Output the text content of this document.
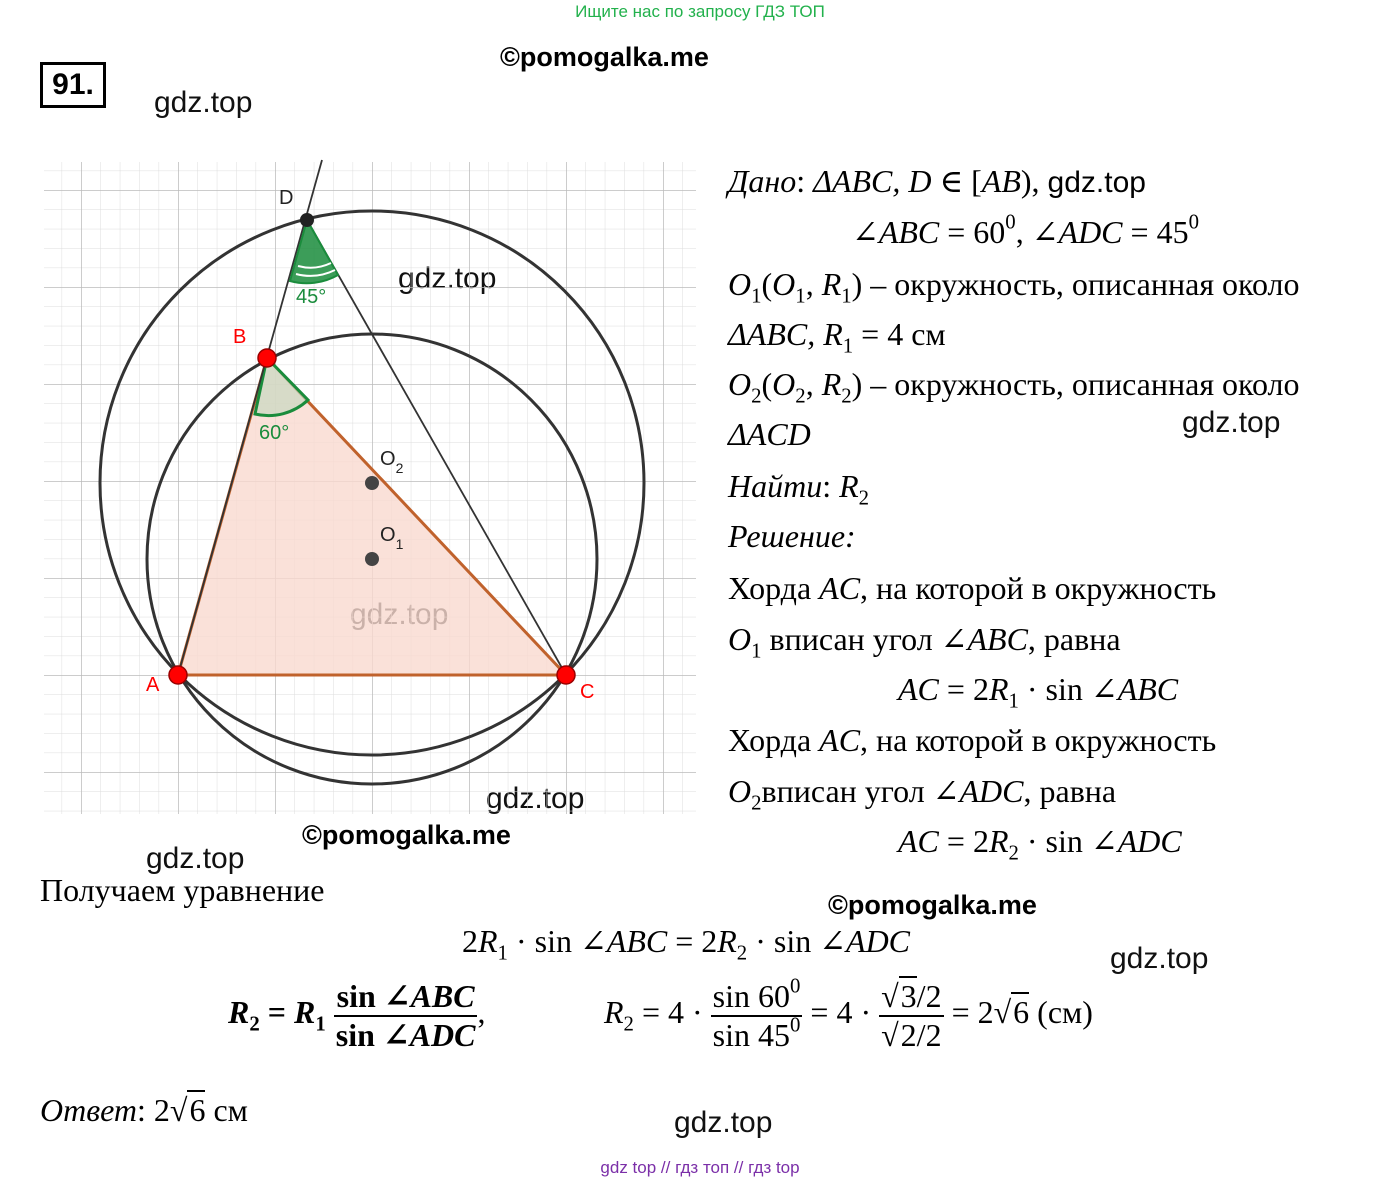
Ищите нас по запросу ГДЗ ТОП
91.
©pomogalka.me
gdz.top
gdz.top
©pomogalka.me
gdz.top
©pomogalka.me
gdz.top
gdz.top
D
B
A	C
$O_2$
$O_1$
60°
45°
Дано: ΔABC, D ∈ [AB), gdz.top
∠ABC = $60^0$, ∠ADC = $45^0$
$O_1(O_1$, $R_1$) – окружность, описанная около
ΔABC, $R_1 = 4$ см
$O_2(O_2$, $R_2$) – окружность, описанная около
ΔACD
Найти: $R_2$
Решение:
Хорда AC, на которой в окружность
$O_1$ вписан угол ∠ABC, равна
AC = $2R_1 \cdot \sin$ ∠ABC
Хорда AC, на которой в окружность
$O_2вписан$ угол ∠ADC, равна
AC = $2R_2 \cdot \sin$ ∠ADC
Получаем уравнение
$2R_1 \cdot \sin$ ∠ABC = $2R_2 \cdot \sin$ ∠ADC
$R_2 = R_1 \frac{\text{sin ∠ABC}}{\text{sin ∠ADC}}$ ,	$R_2 = 4 \cdot \frac{\sin 60^0}{\sin 45^0} = 4 \cdot \frac{√3/2}{√2/2} = 2√6$ (см)
Ответ: 2√6 см
gdz top // гдз топ // гдз top
